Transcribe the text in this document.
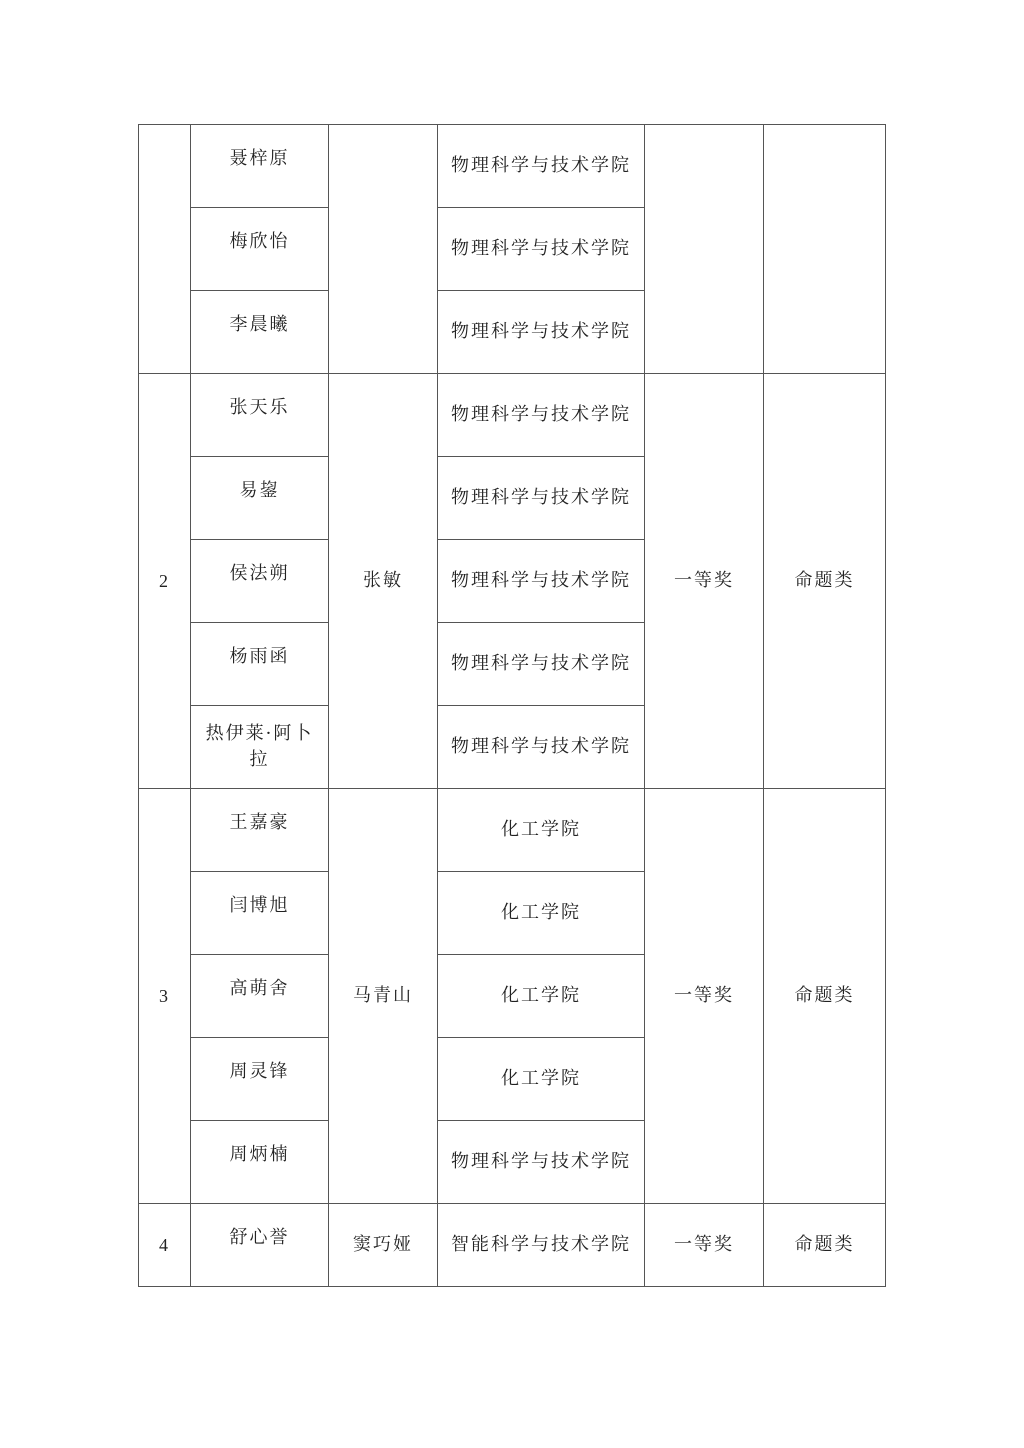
	聂梓原		物理科学与技术学院		
	梅欣怡		物理科学与技术学院		
	李晨曦		物理科学与技术学院		
2	张天乐	张敏	物理科学与技术学院	一等奖	命题类
	易鋆		物理科学与技术学院		
	侯法朔		物理科学与技术学院		
	杨雨函		物理科学与技术学院		

	热伊莱·阿卜拉		物理科学与技术学院		
3	王嘉豪	马青山	化工学院	一等奖	命题类
	闫博旭		化工学院		
	高萌舍		化工学院		
	周灵锋		化工学院		
	周炳楠		物理科学与技术学院		
4	舒心誉	窦巧娅	智能科学与技术学院	一等奖	命题类
